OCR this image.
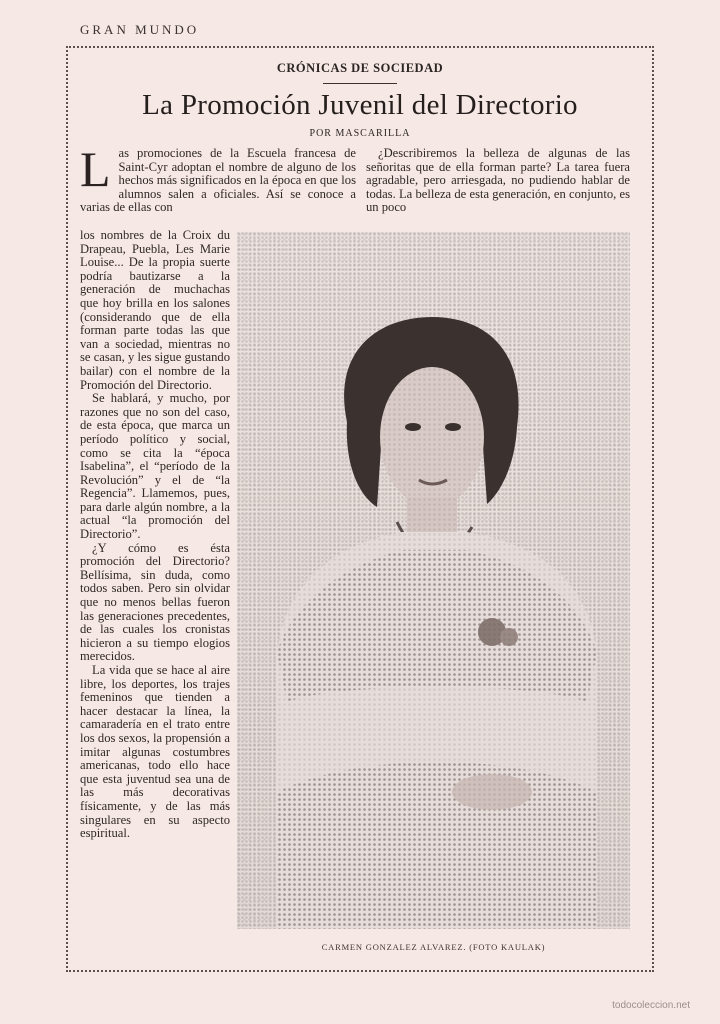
GRAN MUNDO
CRÓNICAS DE SOCIEDAD
La Promoción Juvenil del Directorio
POR MASCARILLA

Las promociones de la Escuela francesa de Saint-Cyr adoptan el nombre de alguno de los hechos más significados en la época en que los alumnos salen a oficiales. Así se conoce a varias de ellas con

¿Describiremos la belleza de algunas de las señoritas que de ella forman parte? La tarea fuera agradable, pero arriesgada, no pudiendo hablar de todas. La belleza de esta generación, en conjunto, es un poco

los nombres de la Croix du Drapeau, Puebla, Les Marie Louise... De la propia suerte podría bautizarse a la generación de muchachas que hoy brilla en los salones (considerando que de ella forman parte todas las que van a sociedad, mientras no se casan, y les sigue gustando bailar) con el nombre de la Promoción del Directorio.

Se hablará, y mucho, por razones que no son del caso, de esta época, que marca un período político y social, como se cita la “época Isabelina”, el “período de la Revolución” y el de “la Regencia”. Llamemos, pues, para darle algún nombre, a la actual “la promoción del Directorio”.

¿Y cómo es ésta promoción del Directorio? Bellísima, sin duda, como todos saben. Pero sin olvidar que no menos bellas fueron las generaciones precedentes, de las cuales los cronistas hicieron a su tiempo elogios merecidos.

La vida que se hace al aire libre, los deportes, los trajes femeninos que tienden a hacer destacar la línea, la camaradería en el trato entre los dos sexos, la propensión a imitar algunas costumbres americanas, todo ello hace que esta juventud sea una de las más decorativas físicamente, y de las más singulares en su aspecto espiritual.

CARMEN GONZALEZ ALVAREZ. (FOTO KAULAK)
todocoleccion.net
